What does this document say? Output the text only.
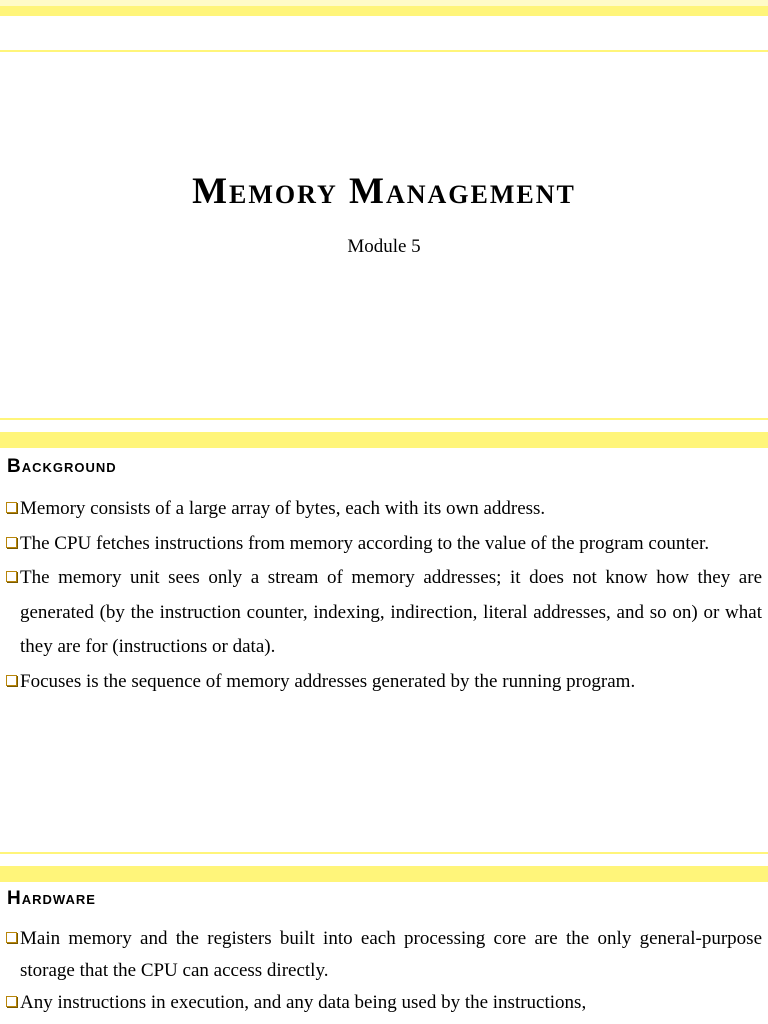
Memory Management
Module 5
Background

Memory consists of a large array of bytes, each with its own address.

The CPU fetches instructions from memory according to the value of the program counter.

The memory unit sees only a stream of memory addresses; it does not know how they are generated (by the instruction counter, indexing, indirection, literal addresses, and so on) or what they are for (instructions or data).

Focuses is the sequence of memory addresses generated by the running program.

Hardware

Main memory and the registers built into each processing core are the only general-purpose storage that the CPU can access directly.

Any instructions in execution, and any data being used by the instructions,
